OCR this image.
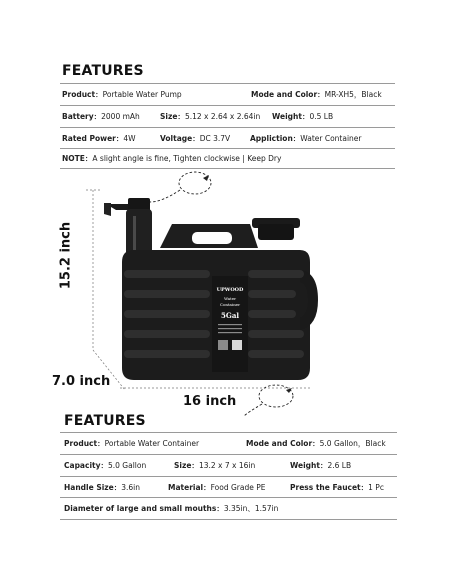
FEATURES
Product：Portable Water Pump	Mode and Color：MR-XH5，Black
Battery：2000 mAh	Size：5.12 x 2.64 x 2.64in Weight：0.5 LB
Rated Power：4W	Voltage：DC 3.7V	Appliction：Water Container
NOTE：A slight angle is fine, Tighten clockwise | Keep Dry
UPWOOD
Water
Container
5Gal
15.2 inch
7.0 inch
16 inch
FEATURES
Product：Portable Water Container	Mode and Color：5.0 Gallon，Black
Capacity：5.0 Gallon	Size：13.2 x 7 x 16in	Weight：2.6 LB
Handle Size：3.6in	Material：Food Grade PE	Press the Faucet：1 Pc
Diameter of large and small mouths：3.35in、1.57in
